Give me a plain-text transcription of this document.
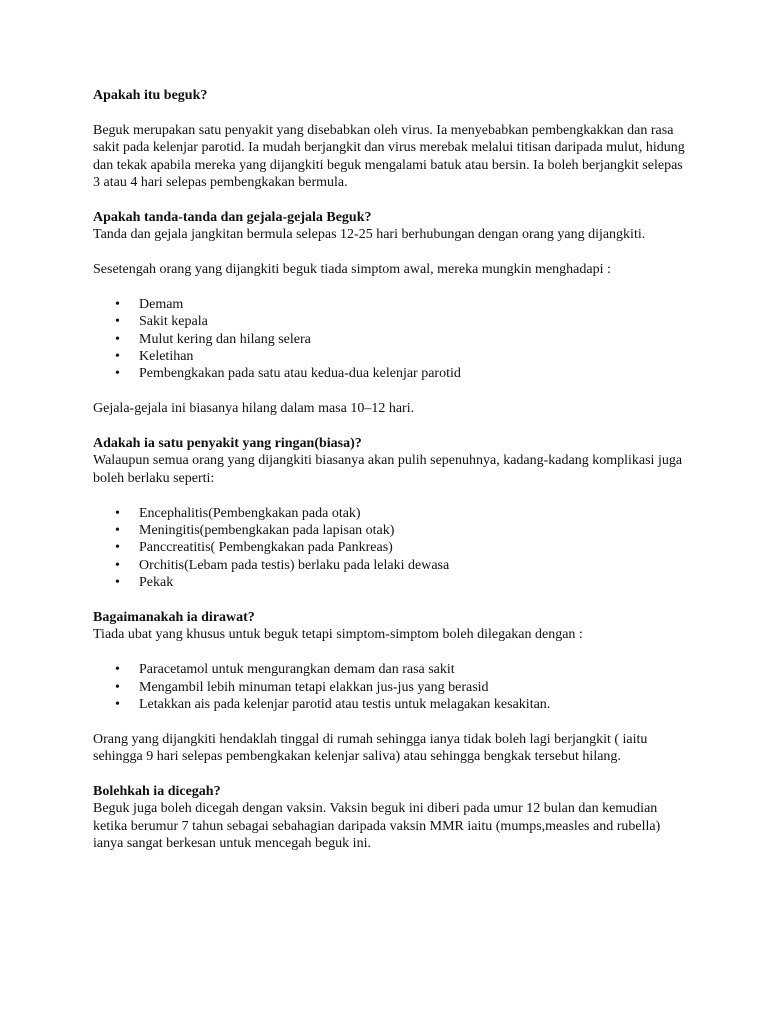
Apakah itu beguk?

Beguk merupakan satu penyakit yang disebabkan oleh virus. Ia menyebabkan pembengkakkan dan rasa sakit pada kelenjar parotid. Ia mudah berjangkit dan virus merebak melalui titisan daripada mulut, hidung dan tekak apabila mereka yang dijangkiti beguk mengalami batuk atau bersin. Ia boleh berjangkit selepas 3 atau 4 hari selepas pembengkakan bermula.

Apakah tanda-tanda dan gejala-gejala Beguk?

Tanda dan gejala jangkitan bermula selepas 12-25 hari berhubungan dengan orang yang dijangkiti.

Sesetengah orang yang dijangkiti beguk tiada simptom awal, mereka mungkin menghadapi :

• Demam
• Sakit kepala
• Mulut kering dan hilang selera
• Keletihan
• Pembengkakan pada satu atau kedua-dua kelenjar parotid

Gejala-gejala ini biasanya hilang dalam masa 10–12 hari.

Adakah ia satu penyakit yang ringan(biasa)?

Walaupun semua orang yang dijangkiti biasanya akan pulih sepenuhnya, kadang-kadang komplikasi juga boleh berlaku seperti:

• Encephalitis(Pembengkakan pada otak)
• Meningitis(pembengkakan pada lapisan otak)
• Panccreatitis( Pembengkakan pada Pankreas)
• Orchitis(Lebam pada testis) berlaku pada lelaki dewasa
• Pekak

Bagaimanakah ia dirawat?

Tiada ubat yang khusus untuk beguk tetapi simptom-simptom boleh dilegakan dengan :

• Paracetamol untuk mengurangkan demam dan rasa sakit
• Mengambil lebih minuman tetapi elakkan jus-jus yang berasid
• Letakkan ais pada kelenjar parotid atau testis untuk melagakan kesakitan.

Orang yang dijangkiti hendaklah tinggal di rumah sehingga ianya tidak boleh lagi berjangkit ( iaitu sehingga 9 hari selepas pembengkakan kelenjar saliva) atau sehingga bengkak tersebut hilang.

Bolehkah ia dicegah?

Beguk juga boleh dicegah dengan vaksin. Vaksin beguk ini diberi pada umur 12 bulan dan kemudian ketika berumur 7 tahun sebagai sebahagian daripada vaksin MMR iaitu (mumps,measles and rubella) ianya sangat berkesan untuk mencegah beguk ini.
